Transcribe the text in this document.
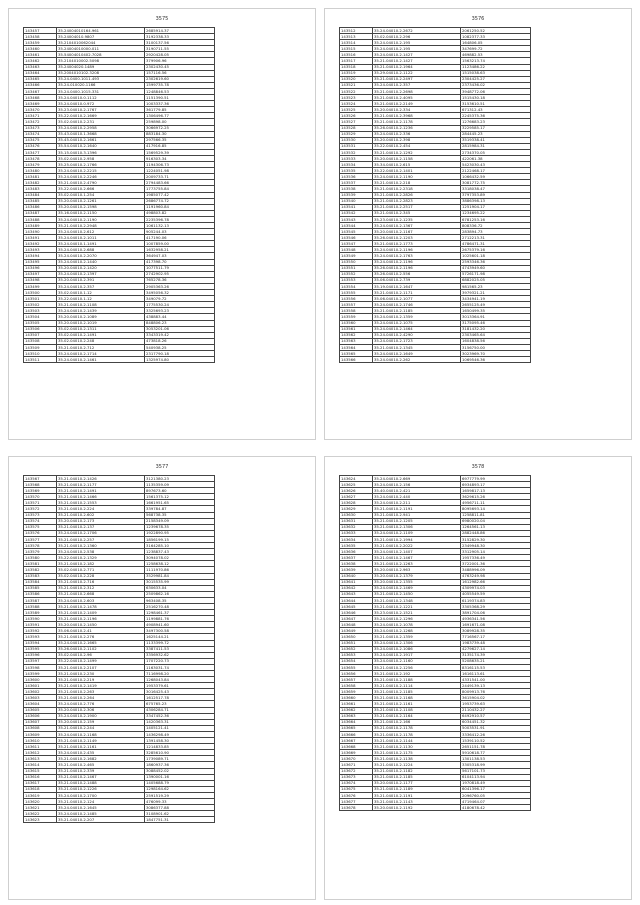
3575
143457	35.24004010164.961	2685914.37
143458	35.24004010.9807	3192338.33
143459	35.2104010062044	3100137.56
143460	35.24004010000.011	3190711.55
143461	35.54004010402.7028	2920428.05
143462	35.2104010002.5098	379906.96
143463	35.24004020.1489	2302430.45
143464	35.2004010102.3208	157116.56
143465	35.24.0400.1011.493	2302619.60
143466	35.24.010020.1166	1599735.78
143467	35.24.0400.1015.331	1248846.53
143468	35.24.04010.0.1112	1151390.51
143469	35.24.04010.0.972	1003337.36
143470	35.23.04010.2.1767	361779.85
143471	35.22.04010.2.1669	1306496.77
143472	35.02.04010.2.231	259898.00
143473	35.24.04010.2.2958	3066972.25
143474	35.43.04010.1.3668	883184.30
143475	35.45.04010.2.1661	297566.35
143476	35.54.04010.2.1640	417916.85
143477	35.15.04010.3.1396	1569529.39
143478	35.02.04010.2.958	916303.34
143479	35.25.04010.2.1766	1194306.73
143480	35.24.04010.2.2215	1224051.98
143481	35.24.04010.2.2246	2009733.71
143482	35.21.04010.2.4790	2794483.66
143483	35.22.04010.2.666	1773755.84
143484	35.02.04010.1.254	1985077.42
143485	35.20.04010.2.1261	2686774.72
143486	35.20.04010.2.1598	1191960.84
143487	35.16.04010.2.1150	498803.82
143488	35.24.04010.2.1190	2235396.78
143489	35.21.04010.2.2948	1061132.13
143490	35.24.04010.2.612	905244.03
143491	35.24.04010.2.1011	417190.06
143492	35.24.04010.1.1491	1007859.00
143493	35.24.04010.2.688	1632958.21
143494	35.24.04010.2.2070	364947.03
143495	35.24.04010.2.1440	417398.70
143496	35.20.04010.2.1420	1077511.79
143497	35.24.04010.2.1397	2742902.95
143498	35.20.04010.2.391	765278.36
143499	35.24.04010.2.357	2905363.26
143500	35.02.04010.1.12	3495056.32
143501	35.22.04010.1.12	349079.72
143502	35.21.04010.2.1108	1775530.24
143503	35.24.04010.2.1439	3325693.23
143504	35.20.04010.2.1089	438883.44
143505	35.20.04010.2.1019	848806.23
143506	35.02.04010.2.1311	3053201.06
143507	35.02.04010.2.1491	3343319.42
143508	35.02.04010.2.248	473818.26
143509	35.21.04010.2.712	540938.25
143510	35.24.04010.2.1714	2317790.18
143511	35.24.04010.2.1461	1325974.80
3576
143512	35.24.04010.2.2672	2061250.52
143513	35.02.04010.2.296	1082377.33
143514	35.24.04010.2.195	164806.05
143515	35.24.04010.2.195	347699.72
143516	35.24.04010.2.1427	469882.53
143517	35.21.04010.2.1427	1563213.74
143518	35.21.04010.2.1964	1123486.22
143519	35.29.04010.2.1122	1515038.63
143520	35.21.04010.2.2497	2304425.27
143521	35.24.04010.2.357	2373436.02
143522	35.21.04010.2.2698	3948772.06
143523	35.21.04010.2.4095	1515430.18
143524	35.21.04010.2.2149	3153610.51
143525	35.20.04010.2.334	671312.43
143526	35.21.04010.2.3968	2245375.36
143527	35.21.04010.2.1178	1276683.23
143528	35.26.04010.2.1236	3229585.17
143529	35.24.04010.2.336	284445.23
143530	35.20.04010.2.398	3519338.41
143531	35.22.04010.2.454	2815984.31
143532	35.21.04010.2.1292	2734370.05
143533	35.20.04010.2.1158	422061.38
143534	35.34.04010.2.615	5423030.43
143535	35.22.04010.2.1401	2122468.17
143536	35.24.04010.2.1190	1066432.59
143537	35.21.04010.2.218	3081772.75
143538	35.21.04010.2.2318	3318038.47
143539	35.21.04010.2.2826	3797353.89
143540	35.21.04010.2.2823	3886398.13
143541	35.21.04010.2.2517	1251904.17
143542	35.21.04010.2.345	1234695.22
143543	35.23.04010.2.1235	6781253.16
143544	35.24.04010.2.1367	808336.72
143545	35.20.04010.2.1167	283894.73
143546	35.26.04010.2.1203	2712213.31
143547	35.21.04010.2.1773	4786471.31
143548	35.24.04010.2.1196	2675379.16
143549	35.24.04010.2.1763	1025601.18
143550	35.24.04010.2.1196	2593346.36
143551	35.26.04010.2.1196	4743949.60
143552	35.26.04010.2.556	5726171.98
143553	35.06.04010.2.739	6882025.05
143554	35.19.04010.2.1647	981565.23
143555	35.21.04010.2.1171	3979321.21
143556	35.06.04010.2.1077	3434941.19
143557	35.24.04010.2.1746	2655125.49
143558	35.21.04010.2.1185	1650499.35
143559	35.24.04010.2.1359	3013364.91
143560	35.24.04010.2.1075	3175095.46
143561	35.24.04010.2.1464	3181432.20
143562	35.24.04010.2.4290	2303465.64
143563	35.24.04010.2.1723	1604838.56
143564	35.21.04010.2.1345	3156750.00
143565	35.24.04010.2.1649	3023969.70
143566	35.24.04010.2.262	1069546.36
3577
143567	35.21.04010.2.1426	3121380.23
143568	35.21.04010.2.1177	1135359.09
143569	35.21.04010.2.1491	897673.60
143570	35.21.04010.2.1466	1561375.12
143571	35.21.04010.2.1553	1661951.65
143572	35.21.04010.2.224	339784.87
143573	35.21.04010.2.602	568738.35
143574	35.20.04010.2.173	2158349.09
143575	35.21.04010.2.137	1239678.35
143576	35.24.04010.2.1706	1922890.95
143577	35.21.04010.2.257	1856199.15
143578	35.21.04010.2.1360	3164285.10
143579	35.24.04010.2.538	1238837.43
143580	35.22.04010.2.1329	3094078.02
143581	35.21.04010.2.182	1258638.12
143582	35.02.04010.2.771	1111970.86
143583	35.02.04010.2.228	3529981.84
143584	35.21.04010.2.716	3015535.99
143585	35.21.04010.2.312	630633.04
143586	35.21.04010.2.668	2509862.16
143587	35.24.04010.2.603	963408.35
143588	35.21.04010.2.1478	2516270.48
143589	35.21.04010.2.1409	1298461.37
143590	35.21.04010.2.1196	1199881.76
143591	35.20.04010.2.1450	4908941.60
143592	35.06.04010.2.41	3497300.58
143593	35.21.04010.2.276	1625144.21
143594	35.24.04010.2.1665	1133399.72
143595	35.26.04010.2.1102	3387411.53
143596	35.02.04010.2.96	3356932.62
143597	35.22.04010.2.1499	1707220.73
143598	35.21.04010.2.2107	1163031.74
143599	35.21.04010.2.230	7116998.20
143600	35.21.04010.2.219	1268043.84
143601	35.21.04010.2.1419	1953379.61
143602	35.21.04010.2.263	3016425.43
143603	35.21.04010.2.264	1612517.78
143604	35.24.04010.2.776	675765.23
143605	35.20.04010.2.306	4306284.71
143606	35.24.04010.2.1900	3347452.36
143607	35.20.04010.2.159	1420363.31
143608	35.21.04010.2.244	1405121.41
143609	35.24.04010.2.1168	1436298.49
143610	35.21.04010.2.1149	1391458.30
143611	35.21.04010.2.1161	1214833.85
143612	35.24.04010.2.435	3285610.90
143613	35.21.04010.2.1682	1739089.71
143614	35.21.04010.2.465	1860937.36
143615	35.21.04010.2.339	3088452.02
143616	35.21.04010.2.1467	1390001.16
143617	35.21.04010.2.1488	1405688.79
143618	35.21.04010.2.1226	1298164.62
143619	35.24.04010.2.1700	2591519.29
143620	35.21.04010.2.124	476099.33
143621	35.24.04010.2.1645	3086377.88
143622	35.24.04010.2.1485	3108901.62
143623	35.21.04010.2.207	1847751.31
3578
143624	35.24.04010.2.669	6977779.99
143625	35.24.04010.2.156	6934893.17
143626	35.40.04010.2.421	1659817.13
143627	35.24.04010.2.440	3629615.26
143628	35.24.04010.2.211	4956711.11
143629	35.21.04010.2.1191	8095693.14
143630	35.21.04010.2.941	1258811.81
143631	35.21.04010.2.1205	6980020.04
143632	35.21.04010.2.1306	1264561.13
143633	35.24.04010.2.1109	2882448.86
143634	35.21.04010.2.1994	3152829.30
143635	35.21.04010.2.2022	2349948.30
143636	35.24.04010.2.1407	3312905.14
143637	35.21.04010.2.1467	1957336.49
143638	35.21.04010.2.1263	3722001.36
143639	35.20.04010.2.963	3488996.09
143640	35.20.04010.2.1379	4763249.98
143641	35.20.04010.2.1355	1612982.66
143642	35.24.04010.2.1469	4309974.03
143643	35.21.04010.2.1450	4055549.59
143644	35.21.04010.2.1348	6119374.83
143645	35.21.04010.2.1221	3305368.29
143646	35.23.04010.2.1521	3891704.06
143647	35.24.04010.2.1296	4936341.56
143648	35.24.04010.2.1078	1691671.08
143649	35.24.04010.2.1268	3089928.35
143650	35.21.04010.2.1359	7716567.17
143651	35.24.04010.2.1306	1983739.48
143652	35.24.04010.2.1086	4279627.14
143653	35.24.04010.2.1917	3135174.39
143654	35.24.04010.2.1160	5208635.21
143655	35.21.04010.2.1256	8316115.53
143656	35.21.04010.2.192	1616113.61
143657	35.21.04010.2.1188	4331541.00
143658	35.21.04010.2.1114	2449139.13
143659	35.21.04010.2.1185	8009913.76
143660	35.21.04010.2.1168	3615904.02
143661	35.21.04010.2.1161	1953739.63
143662	35.21.04010.2.1108	2110432.27
143663	35.21.04010.2.1164	6492910.57
143664	35.21.04010.2.166	6034451.32
143665	35.21.04010.2.1178	5003531.91
143666	35.21.04010.2.1178	3336412.26
143667	35.21.04010.2.1144	1539110.52
143668	35.21.04010.2.1130	2651151.78
143669	35.21.04010.2.1175	5910618.77
143670	35.21.04010.2.1138	1301138.53
143671	35.21.04010.2.1224	3305318.99
143672	35.21.04010.2.1182	5617101.73
143673	35.21.04010.2.1185	6104113.94
143674	35.20.04010.2.1177	1970818.49
143675	35.21.04010.2.1189	6041396.17
143676	35.21.04010.2.1191	2096760.05
143677	35.21.04010.2.1143	4719464.07
143678	35.20.04010.2.1192	4180678.42
